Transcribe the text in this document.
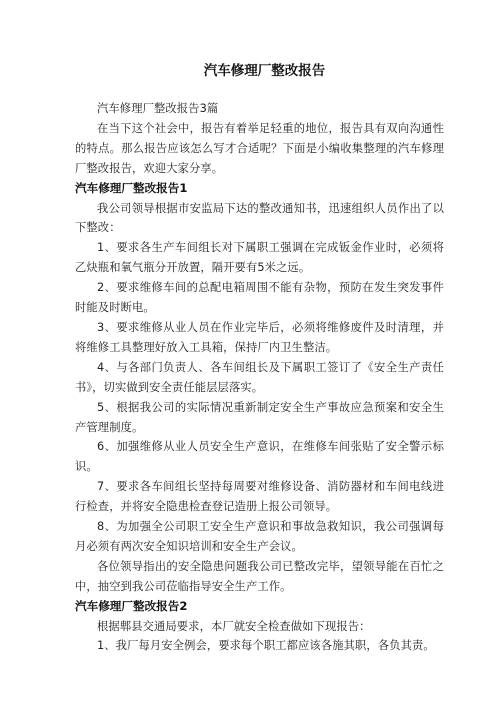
汽车修理厂整改报告

汽车修理厂整改报告3篇

在当下这个社会中，报告有着举足轻重的地位，报告具有双向沟通性的特点。那么报告应该怎么写才合适呢？下面是小编收集整理的汽车修理厂整改报告，欢迎大家分享。

汽车修理厂整改报告1

我公司领导根据市安监局下达的整改通知书，迅速组织人员作出了以下整改：

1、要求各生产车间组长对下属职工强调在完成钣金作业时，必须将乙炔瓶和氧气瓶分开放置，隔开要有5米之远。

2、要求维修车间的总配电箱周围不能有杂物，预防在发生突发事件时能及时断电。

3、要求维修从业人员在作业完毕后，必须将维修废件及时清理，并将维修工具整理好放入工具箱，保持厂内卫生整洁。

4、与各部门负责人、各车间组长及下属职工签订了《安全生产责任书》，切实做到安全责任能层层落实。

5、根据我公司的实际情况重新制定安全生产事故应急预案和安全生产管理制度。

6、加强维修从业人员安全生产意识，在维修车间张贴了安全警示标识。

7、要求各车间组长坚持每周要对维修设备、消防器材和车间电线进行检查，并将安全隐患检查登记造册上报公司领导。

8、为加强全公司职工安全生产意识和事故急救知识，我公司强调每月必须有两次安全知识培训和安全生产会议。

各位领导指出的安全隐患问题我公司已整改完毕，望领导能在百忙之中，抽空到我公司莅临指导安全生产工作。

汽车修理厂整改报告2

根据郫县交通局要求，本厂就安全检查做如下现报告：

1、我厂每月安全例会，要求每个职工都应该各施其职，各负其责。
